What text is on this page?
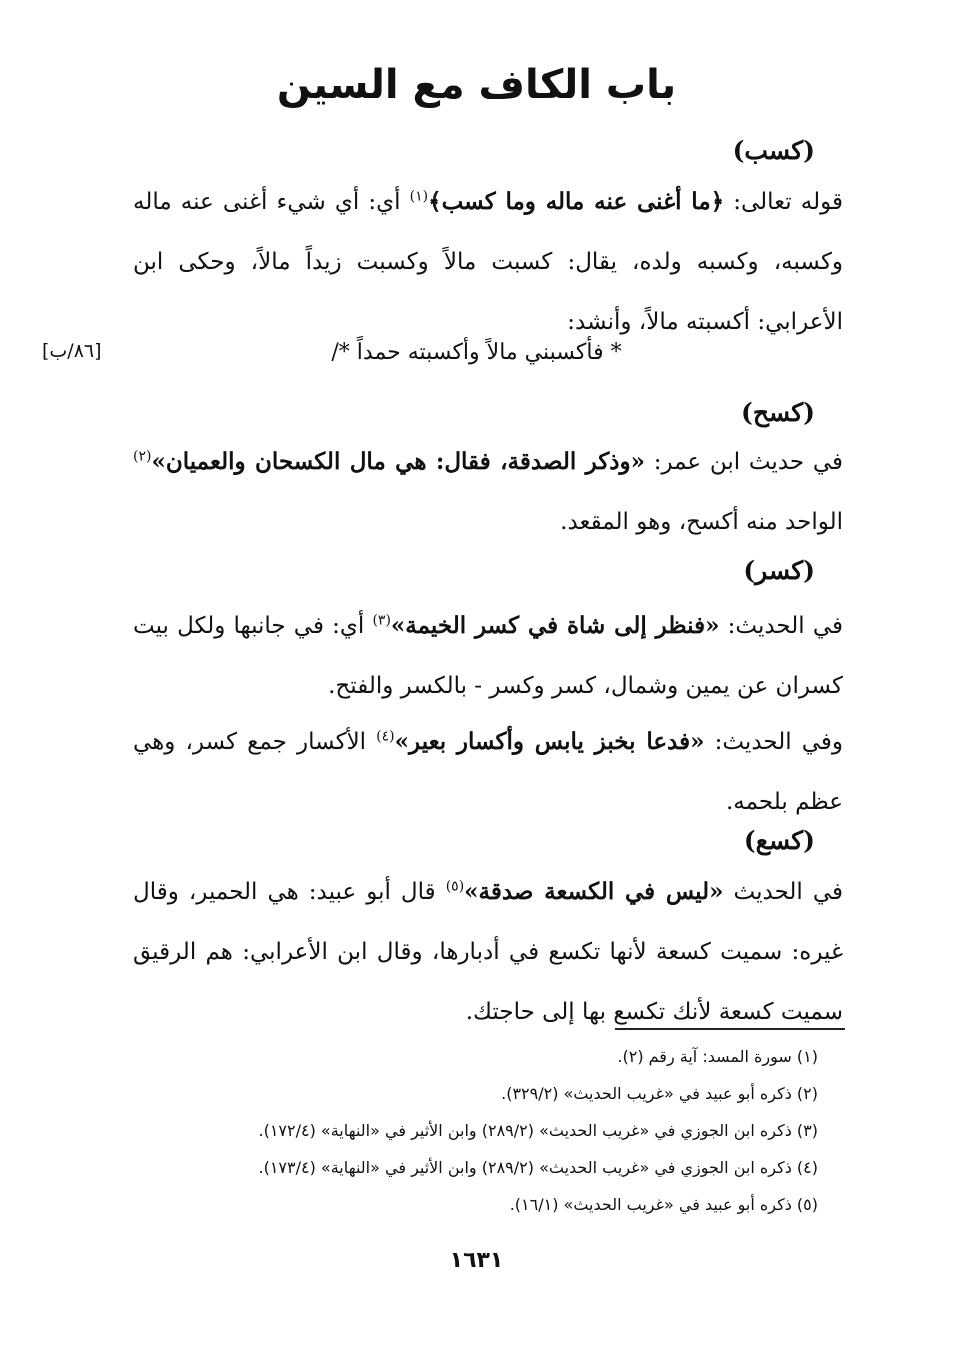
باب الكاف مع السين
(كسب)
قوله تعالى: ﴿ما أغنى عنه ماله وما كسب﴾$^{(١)}$ أي: أي شيء أغنى عنه ماله وكسبه، وكسبه ولده، يقال: كسبت مالاً وكسبت زيداً مالاً، وحكى ابن الأعرابي: أكسبته مالاً، وأنشد:
* فأكسبني مالاً وأكسبته حمداً */
[٨٦/ب]
(كسح)
في حديث ابن عمر: «وذكر الصدقة، فقال: هي مال الكسحان والعميان»$^{(٢)}$ الواحد منه أكسح، وهو المقعد.
(كسر)
في الحديث: «فنظر إلى شاة في كسر الخيمة»$^{(٣)}$ أي: في جانبها ولكل بيت كسران عن يمين وشمال، كسر وكسر - بالكسر والفتح.
وفي الحديث: «فدعا بخبز يابس وأكسار بعير»$^{(٤)}$ الأكسار جمع كسر، وهي عظم بلحمه.
(كسع)
في الحديث «ليس في الكسعة صدقة»$^{(٥)}$ قال أبو عبيد: هي الحمير، وقال غيره: سميت كسعة لأنها تكسع في أدبارها، وقال ابن الأعرابي: هم الرقيق سميت كسعة لأنك تكسع بها إلى حاجتك.
(١) سورة المسد: آية رقم (٢).
(٢) ذكره أبو عبيد في «غريب الحديث» (٣٢٩/٢).
(٣) ذكره ابن الجوزي في «غريب الحديث» (٢٨٩/٢) وابن الأثير في «النهاية» (١٧٢/٤).
(٤) ذكره ابن الجوزي في «غريب الحديث» (٢٨٩/٢) وابن الأثير في «النهاية» (١٧٣/٤).
(٥) ذكره أبو عبيد في «غريب الحديث» (١٦/١).
١٦٣١
